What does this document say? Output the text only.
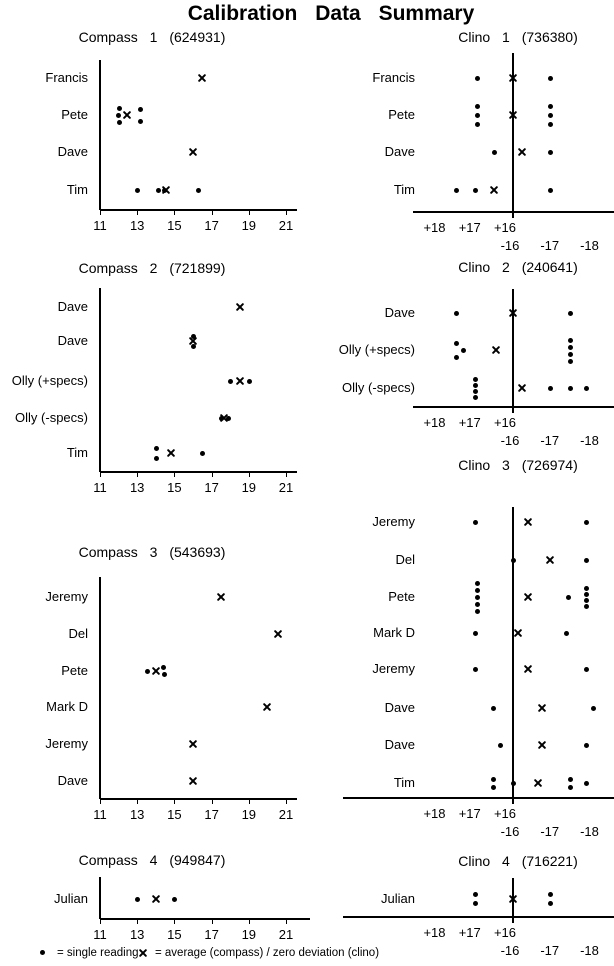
Calibration Data Summary
Compass 1 (624931)
11	13	15	17	19	21
Francis
Pete
Dave
Tim
Clino 1 (736380)
+18	+17	+16
-16	-17	-18
Francis
Pete
Dave
Tim
Compass 2 (721899)
11	13	15	17	19	21
Dave
Dave
Olly (+specs)
Olly (-specs)
Tim
Clino 2 (240641)
+18	+17	+16
-16	-17	-18
Dave
Olly (+specs)
Olly (-specs)
Compass 3 (543693)
11	13	15	17	19	21
Jeremy
Del
Pete
Mark D
Jeremy
Dave
Clino 3 (726974)
+18	+17	+16
-16	-17	-18
Jeremy
Del
Pete
Mark D
Jeremy
Dave
Dave
Tim
Compass 4 (949847)
11	13	15	17	19	21
Julian
Clino 4 (716221)
+18	+17	+16
-16	-17	-18
Julian
= single reading = average (compass) / zero deviation (clino)
